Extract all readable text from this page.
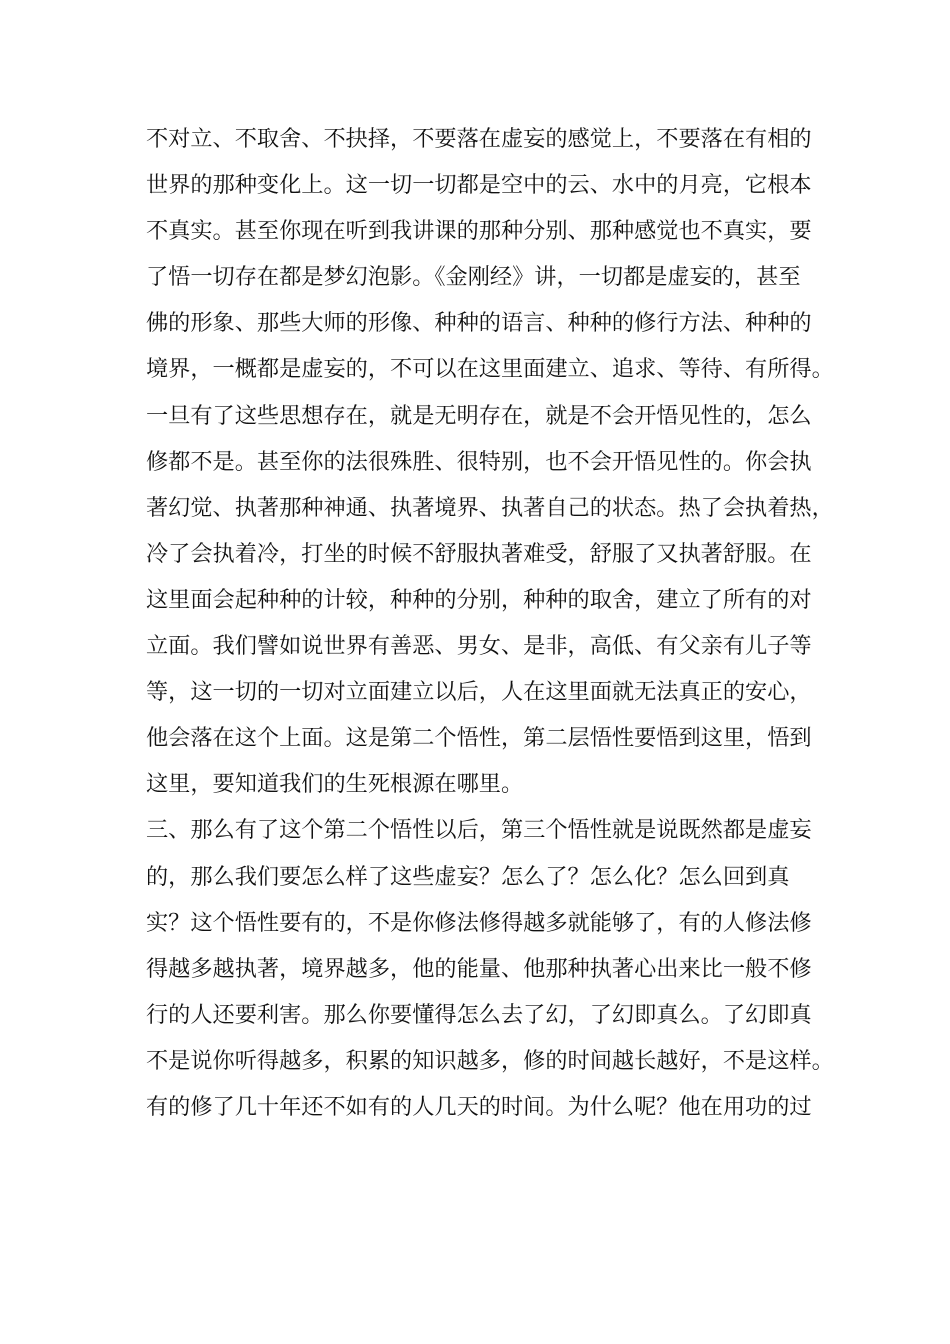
不对立、不取舍、不抉择，不要落在虚妄的感觉上，不要落在有相的
世界的那种变化上。这一切一切都是空中的云、水中的月亮，它根本
不真实。甚至你现在听到我讲课的那种分别、那种感觉也不真实，要
了悟一切存在都是梦幻泡影。《金刚经》讲，一切都是虚妄的，甚至
佛的形象、那些大师的形像、种种的语言、种种的修行方法、种种的
境界，一概都是虚妄的，不可以在这里面建立、追求、等待、有所得。
一旦有了这些思想存在，就是无明存在，就是不会开悟见性的，怎么
修都不是。甚至你的法很殊胜、很特别，也不会开悟见性的。你会执
著幻觉、执著那种神通、执著境界、执著自己的状态。热了会执着热，
冷了会执着冷，打坐的时候不舒服执著难受，舒服了又执著舒服。在
这里面会起种种的计较，种种的分别，种种的取舍，建立了所有的对
立面。我们譬如说世界有善恶、男女、是非，高低、有父亲有儿子等
等，这一切的一切对立面建立以后，人在这里面就无法真正的安心，
他会落在这个上面。这是第二个悟性，第二层悟性要悟到这里，悟到
这里，要知道我们的生死根源在哪里。
三、那么有了这个第二个悟性以后，第三个悟性就是说既然都是虚妄
的，那么我们要怎么样了这些虚妄？怎么了？怎么化？怎么回到真
实？这个悟性要有的，不是你修法修得越多就能够了，有的人修法修
得越多越执著，境界越多，他的能量、他那种执著心出来比一般不修
行的人还要利害。那么你要懂得怎么去了幻，了幻即真么。了幻即真
不是说你听得越多，积累的知识越多，修的时间越长越好，不是这样。
有的修了几十年还不如有的人几天的时间。为什么呢？他在用功的过
